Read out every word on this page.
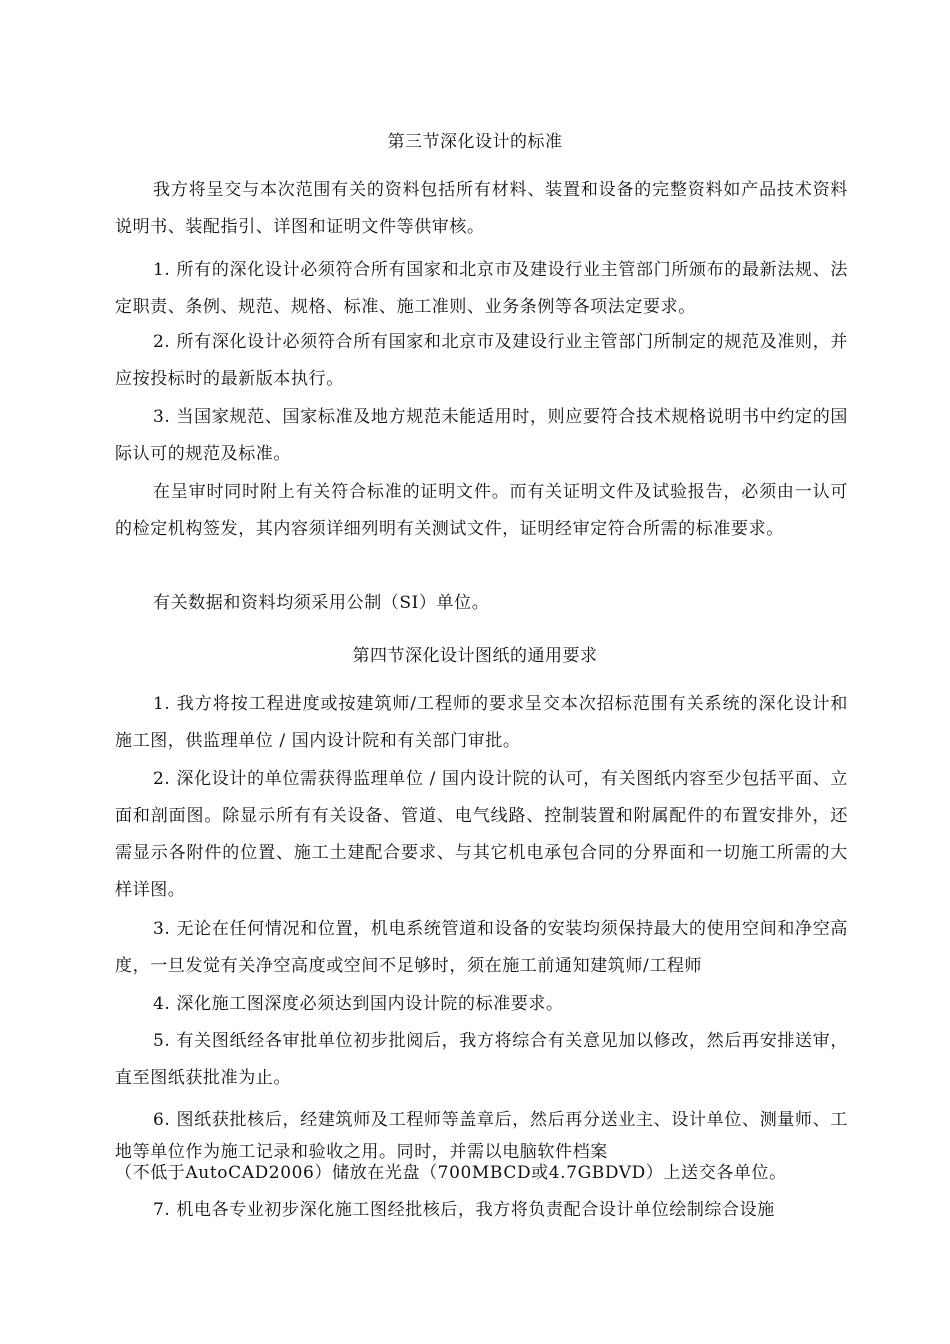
第三节深化设计的标准
我方将呈交与本次范围有关的资料包括所有材料、装置和设备的完整资料如产品技术资料说明书、装配指引、详图和证明文件等供审核。
1. 所有的深化设计必须符合所有国家和北京市及建设行业主管部门所颁布的最新法规、法定职责、条例、规范、规格、标准、施工准则、业务条例等各项法定要求。
2. 所有深化设计必须符合所有国家和北京市及建设行业主管部门所制定的规范及准则，并应按投标时的最新版本执行。
3. 当国家规范、国家标准及地方规范未能适用时，则应要符合技术规格说明书中约定的国际认可的规范及标准。
在呈审时同时附上有关符合标准的证明文件。而有关证明文件及试验报告，必须由一认可的检定机构签发，其内容须详细列明有关测试文件，证明经审定符合所需的标准要求。
有关数据和资料均须采用公制（SI）单位。
第四节深化设计图纸的通用要求
1. 我方将按工程进度或按建筑师/工程师的要求呈交本次招标范围有关系统的深化设计和施工图，供监理单位 / 国内设计院和有关部门审批。
2. 深化设计的单位需获得监理单位 / 国内设计院的认可，有关图纸内容至少包括平面、立面和剖面图。除显示所有有关设备、管道、电气线路、控制装置和附属配件的布置安排外，还需显示各附件的位置、施工土建配合要求、与其它机电承包合同的分界面和一切施工所需的大样详图。
3. 无论在任何情况和位置，机电系统管道和设备的安装均须保持最大的使用空间和净空高度，一旦发觉有关净空高度或空间不足够时，须在施工前通知建筑师/工程师
4. 深化施工图深度必须达到国内设计院的标准要求。
5. 有关图纸经各审批单位初步批阅后，我方将综合有关意见加以修改，然后再安排送审，直至图纸获批准为止。
6. 图纸获批核后，经建筑师及工程师等盖章后，然后再分送业主、设计单位、测量师、工地等单位作为施工记录和验收之用。同时，并需以电脑软件档案
（不低于AutoCAD2006）储放在光盘（700MBCD或4.7GBDVD）上送交各单位。
7. 机电各专业初步深化施工图经批核后，我方将负责配合设计单位绘制综合设施
